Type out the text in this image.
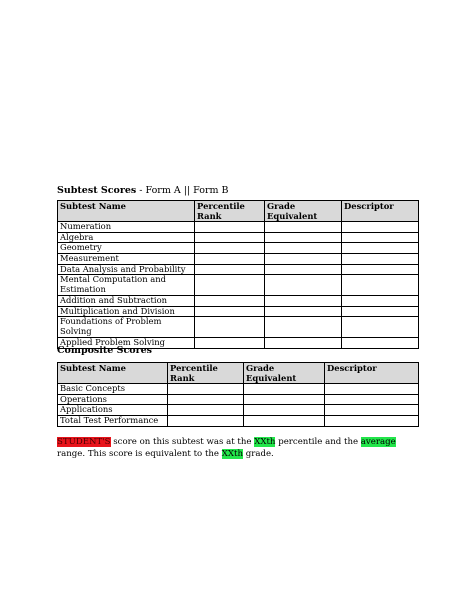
Subtest Scores - Form A || Form B
Subtest Name	Percentile Rank	Grade Equivalent	Descriptor
Numeration			
Algebra			
Geometry			
Measurement			
Data Analysis and Probability			
Mental Computation and Estimation			
Addition and Subtraction			
Multiplication and Division			
Foundations of Problem Solving			
Applied Problem Solving			
Composite Scores
Subtest Name	Percentile Rank	Grade Equivalent	Descriptor
Basic Concepts			
Operations			
Applications			
Total Test Performance			
STUDENT'S score on this subtest was at the XXth percentile and the average range. This score is equivalent to the XXth grade.
